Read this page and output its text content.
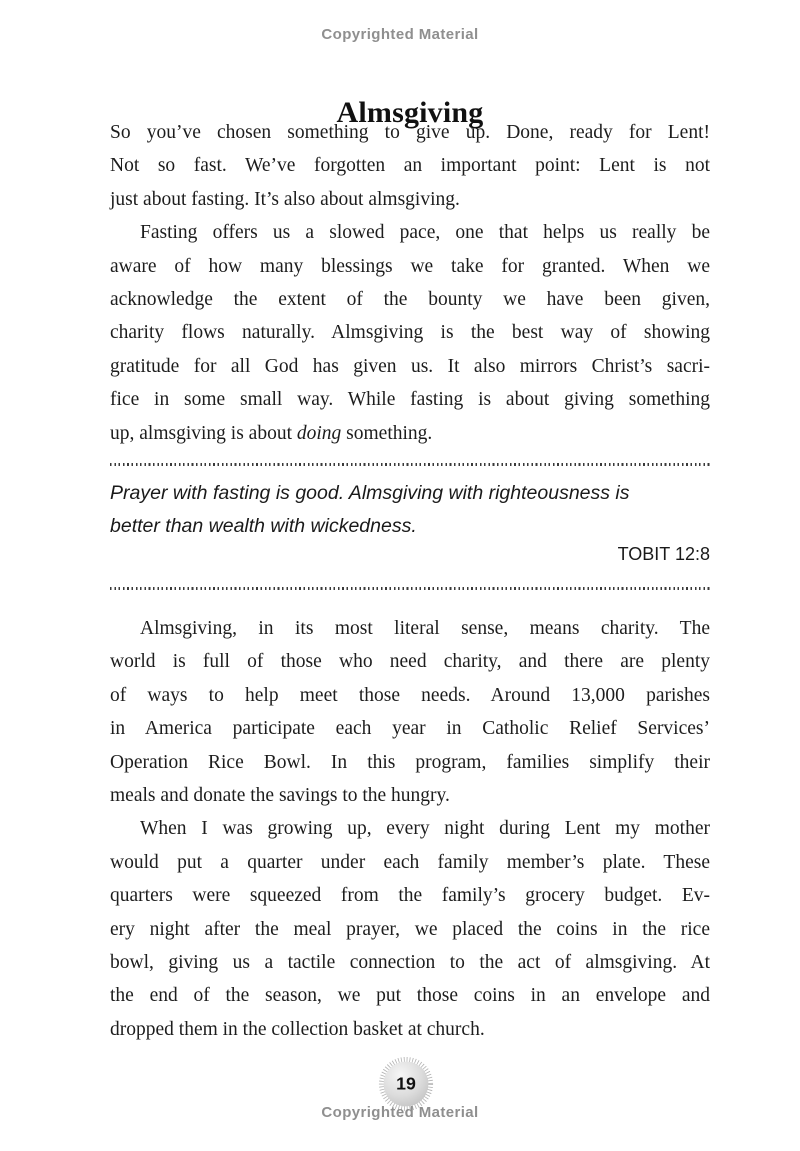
Copyrighted Material
Almsgiving
So you’ve chosen something to give up. Done, ready for Lent!
Not so fast. We’ve forgotten an important point: Lent is not
just about fasting. It’s also about almsgiving.
Fasting offers us a slowed pace, one that helps us really be
aware of how many blessings we take for granted. When we
acknowledge the extent of the bounty we have been given,
charity flows naturally. Almsgiving is the best way of showing
gratitude for all God has given us. It also mirrors Christ’s sacri-
fice in some small way. While fasting is about giving something
up, almsgiving is about doing something.
Prayer with fasting is good. Almsgiving with righteousness is
better than wealth with wickedness.
TOBIT 12:8
Almsgiving, in its most literal sense, means charity. The
world is full of those who need charity, and there are plenty
of ways to help meet those needs. Around 13,000 parishes
in America participate each year in Catholic Relief Services’
Operation Rice Bowl. In this program, families simplify their
meals and donate the savings to the hungry.
When I was growing up, every night during Lent my mother
would put a quarter under each family member’s plate. These
quarters were squeezed from the family’s grocery budget. Ev-
ery night after the meal prayer, we placed the coins in the rice
bowl, giving us a tactile connection to the act of almsgiving. At
the end of the season, we put those coins in an envelope and
dropped them in the collection basket at church.
19
Copyrighted Material
